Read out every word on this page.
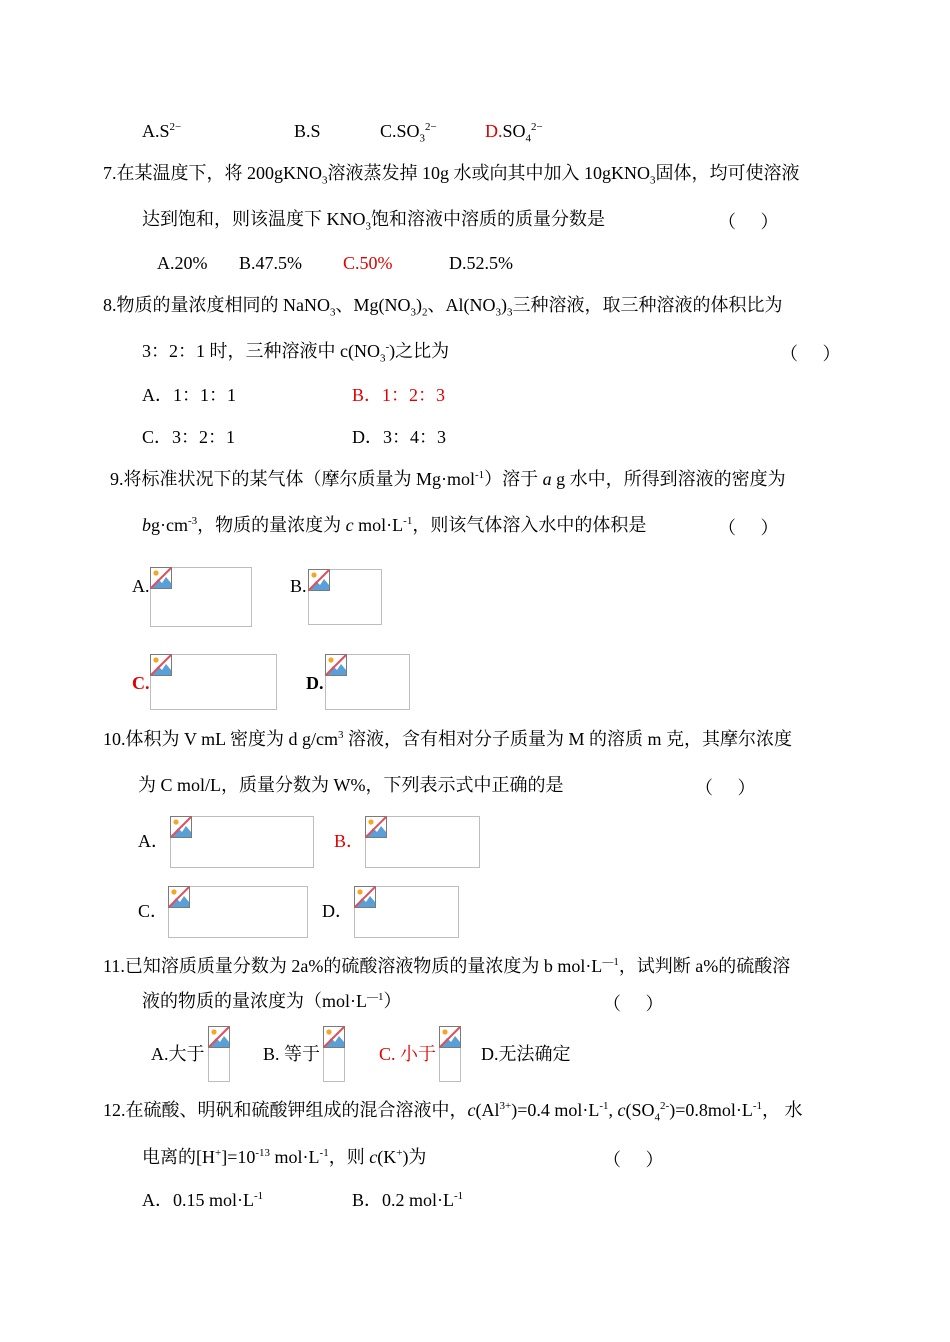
$A.S^{2-}$	B.S	$C.SO_3^{2-}$	$D.SO_4^{2-}$
7.在某温度下，将 200gKNO$_3$溶液蒸发掉 10g 水或向其中加入 10gKNO$_3$固体，均可使溶液
达到饱和，则该温度下 $KNO_3$饱和溶液中溶质的质量分数是	（ ）
A.20% B.47.5% C.50%	D.52.5%
8.物质的量浓度相同的 NaNO$_3$、$Mg(NO_3)_2$、$Al(NO_3)_3$三种溶液，取三种溶液的体积比为
3：2：1 时，三种溶液中 $c(NO_3^-)$之比为	（ ）
A．1：1：1	B．1：2：3
C．3：2：1	D．3：4：3
9.将标准状况下的某气体（摩尔质量为 Mg·mol$^{-1}$）溶于 a g 水中，所得到溶液的密度为
$bg\cdot cm^{-3}$，物质的量浓度为 c $mol\cdot L^{-1}$，则该气体溶入水中的体积是	（ ）
A.	B.
C.	D.
10.体积为 V mL 密度为 d $g/cm^3$ 溶液，含有相对分子质量为 M 的溶质 m 克，其摩尔浓度
为 C mol/L，质量分数为 W%，下列表示式中正确的是	（ ）
A．	B．
C．	D．
11.已知溶质质量分数为 2a%的硫酸溶液物质的量浓度为 b $mol\cdot L^{—1}$，试判断 a%的硫酸溶
液的物质的量浓度为$(mol\cdot L^{—1})$	（ ）
A.大于	B. 等于	C. 小于 D.无法确定
12.在硫酸、明矾和硫酸钾组成的混合溶液中，$c(Al^{3+})=0.4$ $mol\cdot L^{-1}$, $c(SO_4^{2-})=0.8mol\cdot L^{-1}$， 水
电离的$[H^+]=10^{-13}$ $mol\cdot L^{-1}$，则 c(K+)为	（ ）
A．0.15 $mol\cdot L^{-1}$	B．0.2 $mol\cdot L^{-1}$
